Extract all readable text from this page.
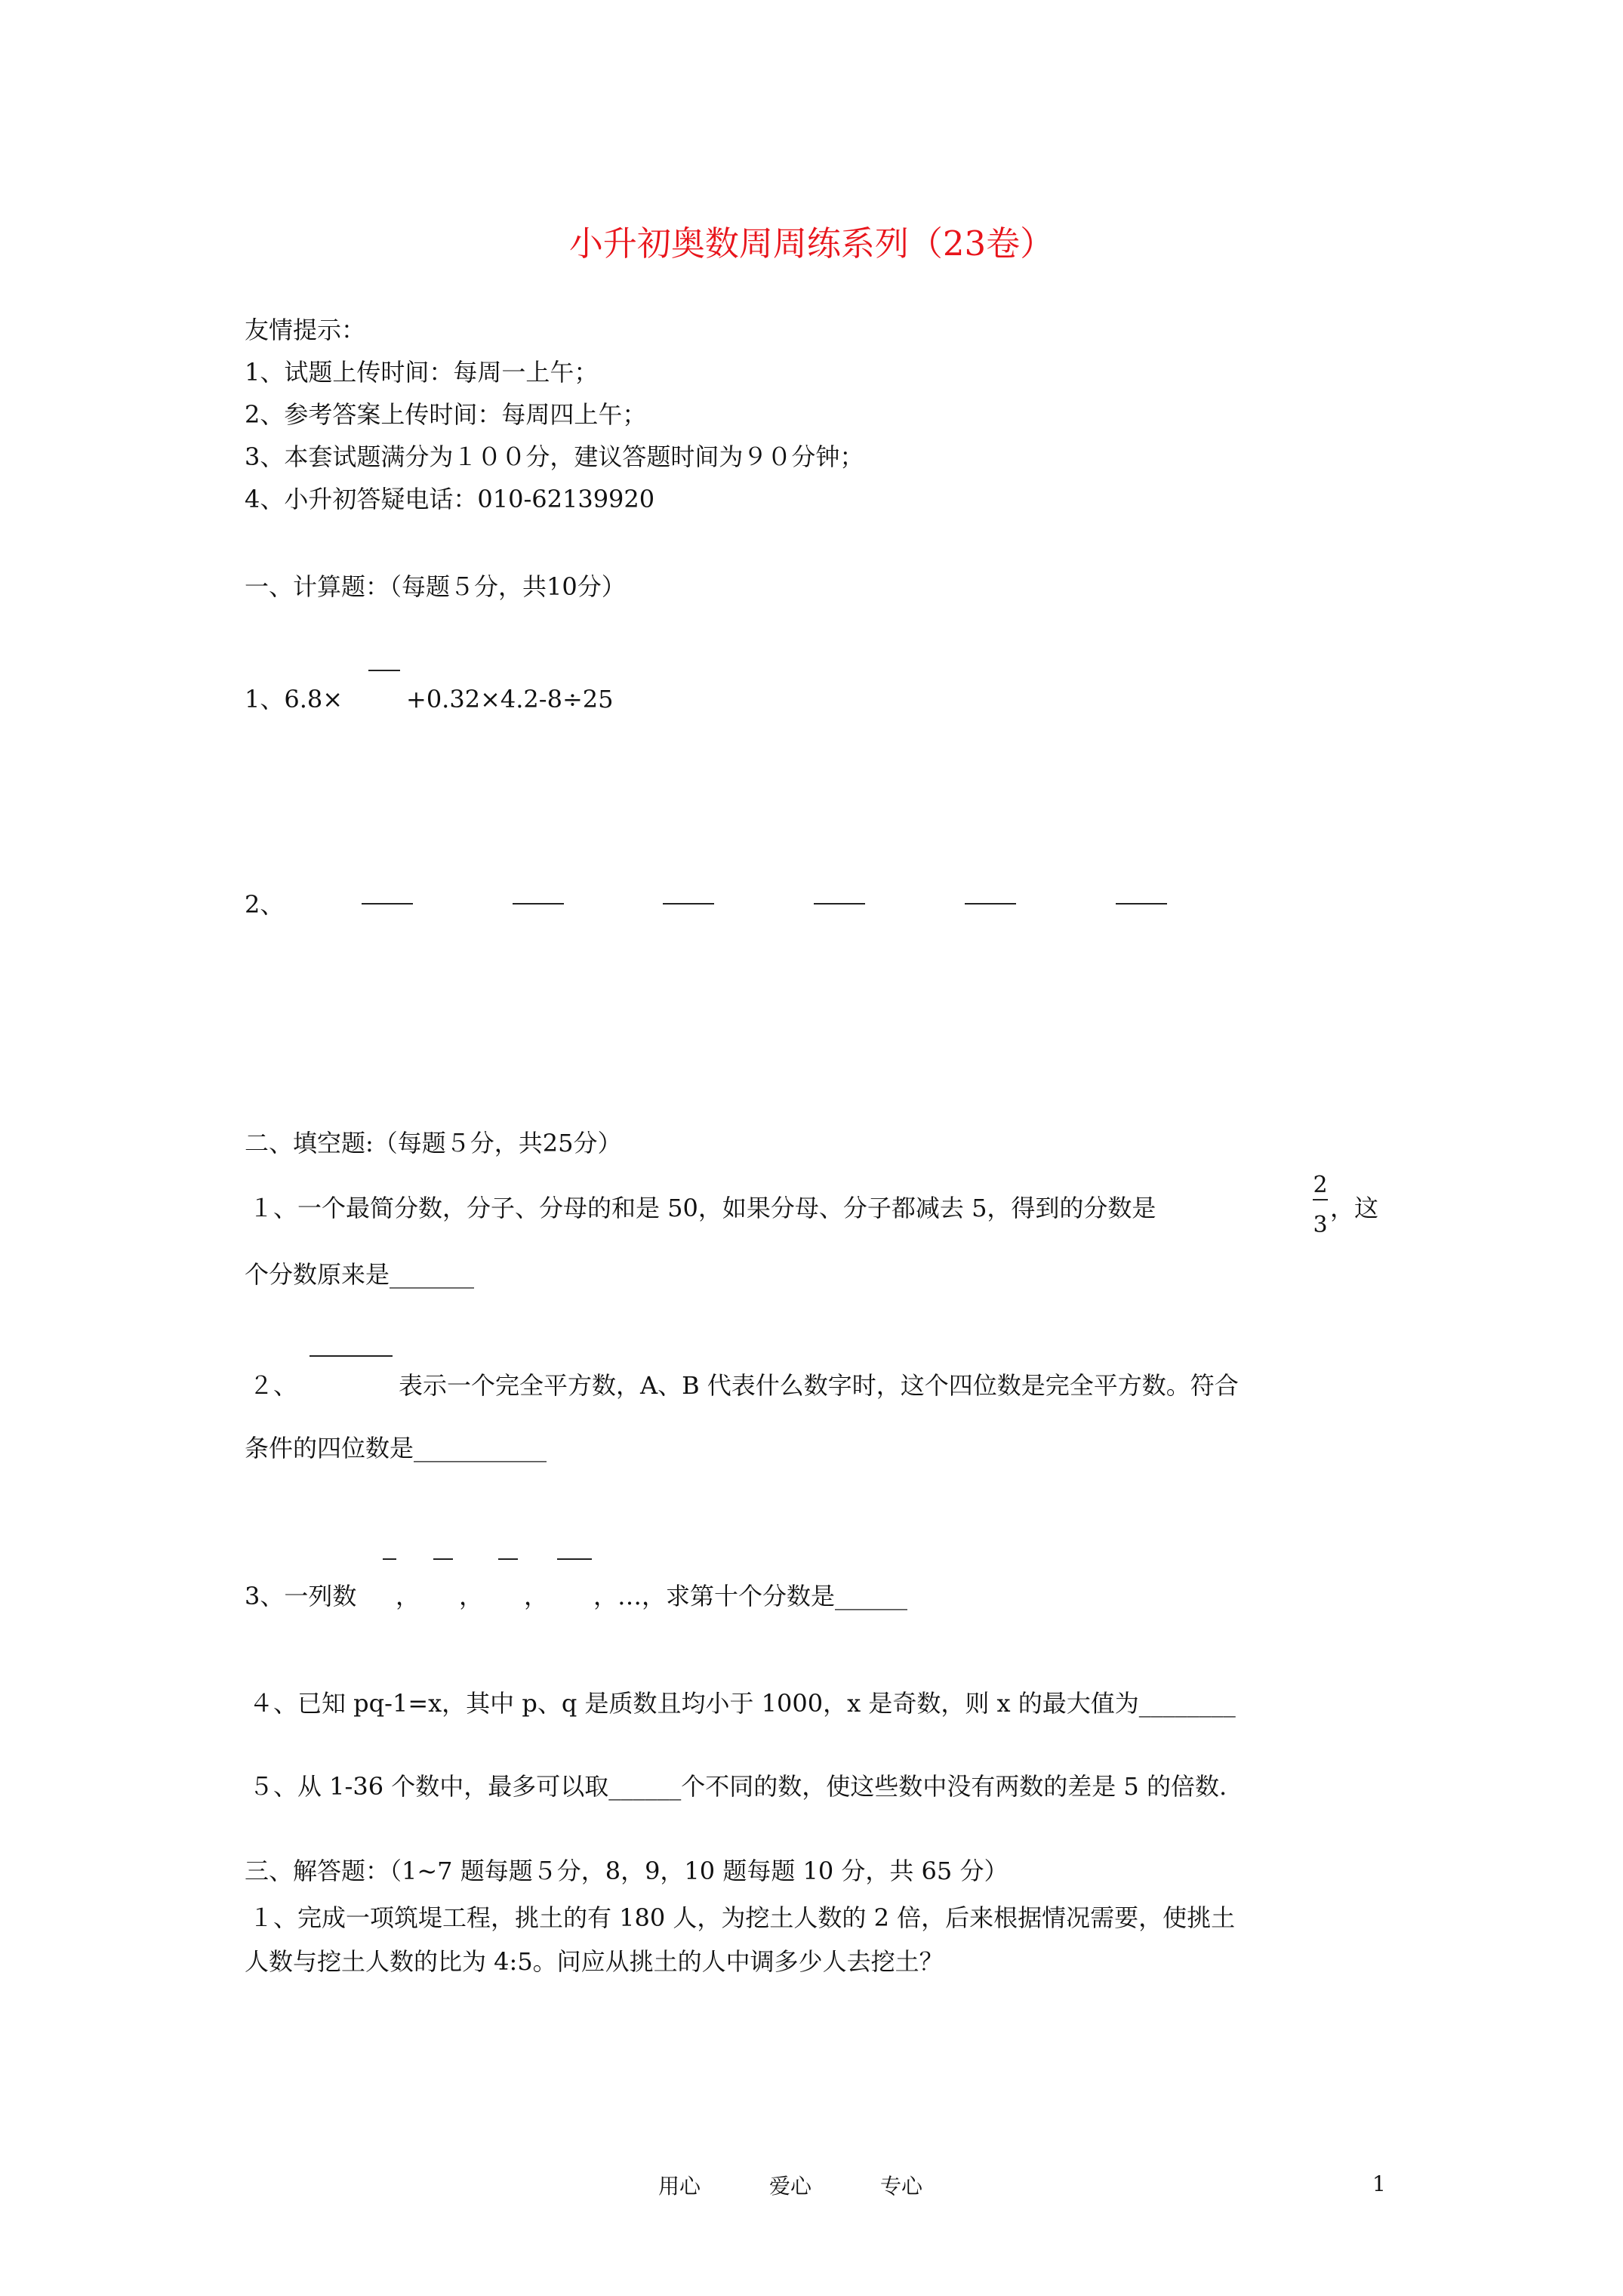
小升初奥数周周练系列（23卷）
友情提示：
1、试题上传时间：每周一上午；
2、参考答案上传时间：每周四上午；
3、本套试题满分为１００分，建议答题时间为９０分钟；
4、小升初答疑电话：010-62139920
一、计算题：（每题５分，共10分）
1、6.8×	+0.32×4.2-8÷25
2、
二、填空题:（每题５分，共25分）
１、一个最简分数，分子、分母的和是 50，如果分母、分子都减去 5，得到的分数是
2
3
，这
个分数原来是_______
２、	表示一个完全平方数，A、B 代表什么数字时，这个四位数是完全平方数。符合
条件的四位数是___________
3、一列数 ， ， ， ，…，求第十个分数是______
４、已知 pq-1=x，其中 p、q 是质数且均小于 1000，x 是奇数，则 x 的最大值为________
５、从 1-36 个数中，最多可以取______个不同的数，使这些数中没有两数的差是 5 的倍数.
三、解答题：（1~7 题每题５分，8，9，10 题每题 10 分，共 65 分）
１、完成一项筑堤工程，挑土的有 180 人，为挖土人数的 2 倍，后来根据情况需要，使挑土
人数与挖土人数的比为 4:5。问应从挑土的人中调多少人去挖土？
用心	爱心	专心	1
